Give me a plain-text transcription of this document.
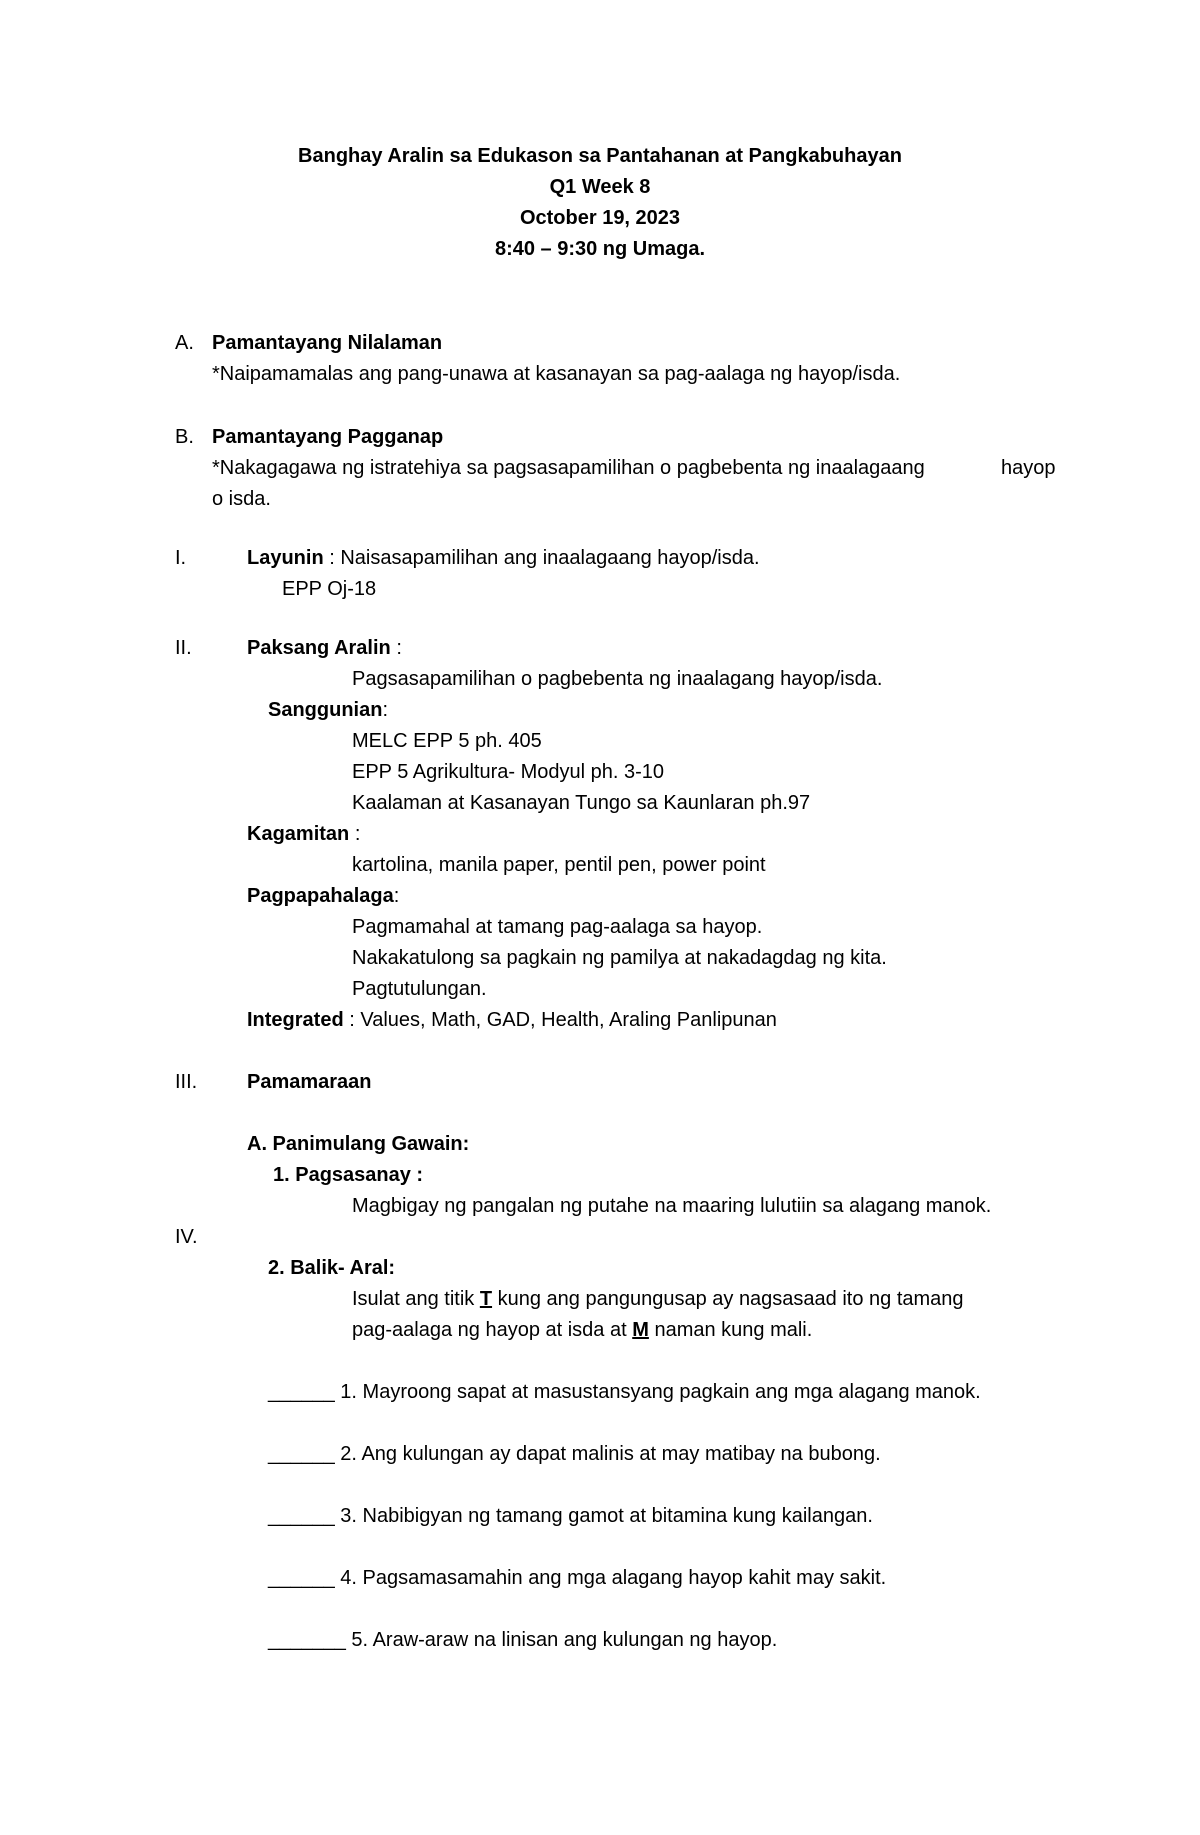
Banghay Aralin sa Edukason sa Pantahanan at Pangkabuhayan
Q1 Week 8
October 19, 2023
8:40 – 9:30 ng Umaga.
A. Pamantayang Nilalaman
*Naipamamalas ang pang-unawa at kasanayan sa pag-aalaga ng hayop/isda.
B. Pamantayang Pagganap
*Nakagagawa ng istratehiya sa pagsasapamilihan o pagbebenta ng inaalagaang	hayop
o isda.
I.	Layunin : Naisasapamilihan ang inaalagaang hayop/isda.
EPP Oj-18
II.	Paksang Aralin :
Pagsasapamilihan o pagbebenta ng inaalagang hayop/isda.
Sanggunian:
MELC EPP 5 ph. 405
EPP 5 Agrikultura- Modyul ph. 3-10
Kaalaman at Kasanayan Tungo sa Kaunlaran ph.97
Kagamitan :
kartolina, manila paper, pentil pen, power point
Pagpapahalaga:
Pagmamahal at tamang pag-aalaga sa hayop.
Nakakatulong sa pagkain ng pamilya at nakadagdag ng kita.
Pagtutulungan.
Integrated : Values, Math, GAD, Health, Araling Panlipunan
III. Pamamaraan
A. Panimulang Gawain:
1. Pagsasanay :
Magbigay ng pangalan ng putahe na maaring lulutiin sa alagang manok.
IV.
2. Balik- Aral:
Isulat ang titik T kung ang pangungusap ay nagsasaad ito ng tamang
pag-aalaga ng hayop at isda at M naman kung mali.
______ 1. Mayroong sapat at masustansyang pagkain ang mga alagang manok.
______ 2. Ang kulungan ay dapat malinis at may matibay na bubong.
______ 3. Nabibigyan ng tamang gamot at bitamina kung kailangan.
______ 4. Pagsamasamahin ang mga alagang hayop kahit may sakit.
_______ 5. Araw-araw na linisan ang kulungan ng hayop.
